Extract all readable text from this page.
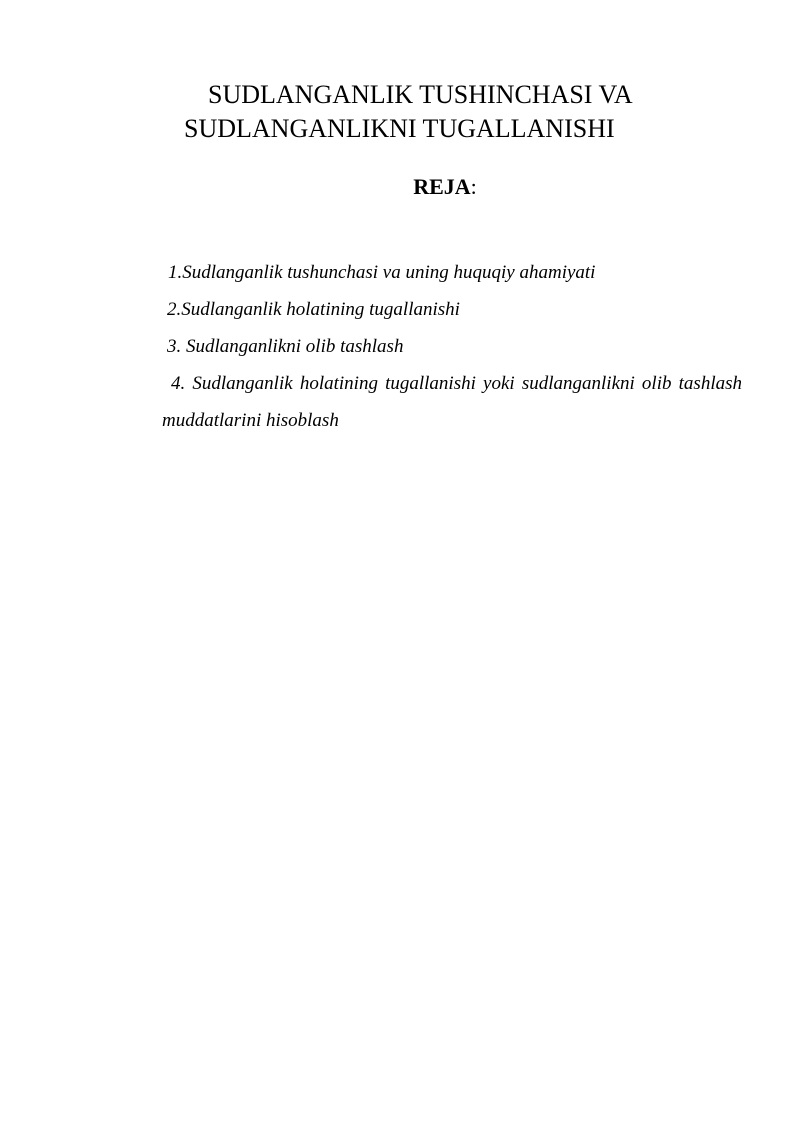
SUDLANGANLIK TUSHINCHASI VA
SUDLANGANLIKNI TUGALLANISHI

REJA:

1.Sudlanganlik tushunchasi va uning huquqiy ahamiyati
2.Sudlanganlik holatining tugallanishi
3. Sudlanganlikni olib tashlash
4. Sudlanganlik holatining tugallanishi yoki sudlanganlikni olib tashlash muddatlarini hisoblash
